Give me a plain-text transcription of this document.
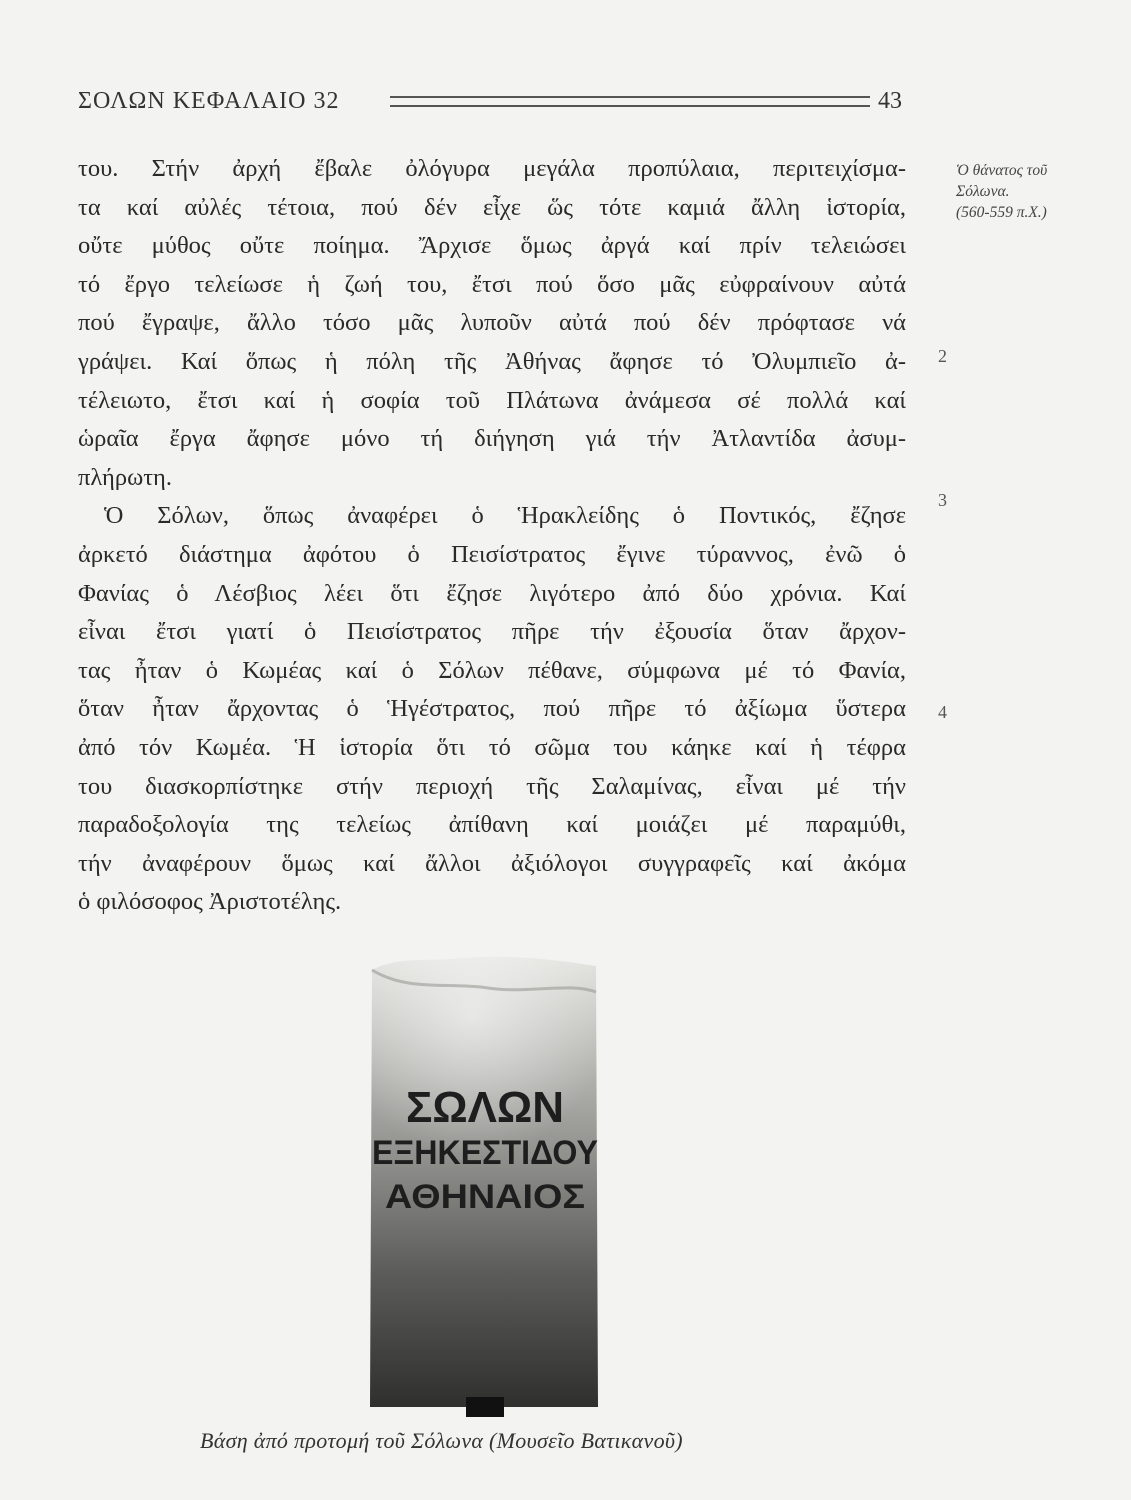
ΣΟΛΩΝ ΚΕΦΑΛΑΙΟ 32	43
του. Στήν ἀρχή ἔβαλε ὀλόγυρα μεγάλα προπύλαια, περιτειχίσμα-
τα καί αὐλές τέτοια, πού δέν εἶχε ὥς τότε καμιά ἄλλη ἱστορία,
οὔτε μύθος οὔτε ποίημα. Ἄρχισε ὅμως ἀργά καί πρίν τελειώσει
τό ἔργο τελείωσε ἡ ζωή του, ἔτσι πού ὅσο μᾶς εὐφραίνουν αὐτά
πού ἔγραψε, ἄλλο τόσο μᾶς λυποῦν αὐτά πού δέν πρόφτασε νά
γράψει. Καί ὅπως ἡ πόλη τῆς Ἀθήνας ἄφησε τό Ὀλυμπιεῖο ἀ-
τέλειωτο, ἔτσι καί ἡ σοφία τοῦ Πλάτωνα ἀνάμεσα σέ πολλά καί
ὡραῖα ἔργα ἄφησε μόνο τή διήγηση γιά τήν Ἀτλαντίδα ἀσυμ-
πλήρωτη.
Ὁ Σόλων, ὅπως ἀναφέρει ὁ Ἡρακλείδης ὁ Ποντικός, ἔζησε
ἀρκετό διάστημα ἀφότου ὁ Πεισίστρατος ἔγινε τύραννος, ἐνῶ ὁ
Φανίας ὁ Λέσβιος λέει ὅτι ἔζησε λιγότερο ἀπό δύο χρόνια. Καί
εἶναι ἔτσι γιατί ὁ Πεισίστρατος πῆρε τήν ἐξουσία ὅταν ἄρχον-
τας ἦταν ὁ Κωμέας καί ὁ Σόλων πέθανε, σύμφωνα μέ τό Φανία,
ὅταν ἦταν ἄρχοντας ὁ Ἡγέστρατος, πού πῆρε τό ἀξίωμα ὕστερα
ἀπό τόν Κωμέα. Ἡ ἱστορία ὅτι τό σῶμα του κάηκε καί ἡ τέφρα
του διασκορπίστηκε στήν περιοχή τῆς Σαλαμίνας, εἶναι μέ τήν
παραδοξολογία της τελείως ἀπίθανη καί μοιάζει μέ παραμύθι,
τήν ἀναφέρουν ὅμως καί ἄλλοι ἀξιόλογοι συγγραφεῖς καί ἀκόμα
ὁ φιλόσοφος Ἀριστοτέλης.
Ὁ θάνατος τοῦ
Σόλωνα.
(560-559 π.Χ.)
2
3
4
ΣΩΛΩΝ
ΕΞΗΚΕΣΤΙΔΟΥ
ΑΘΗΝΑΙΟΣ
Βάση ἀπό προτομή τοῦ Σόλωνα (Μουσεῖο Βατικανοῦ)
